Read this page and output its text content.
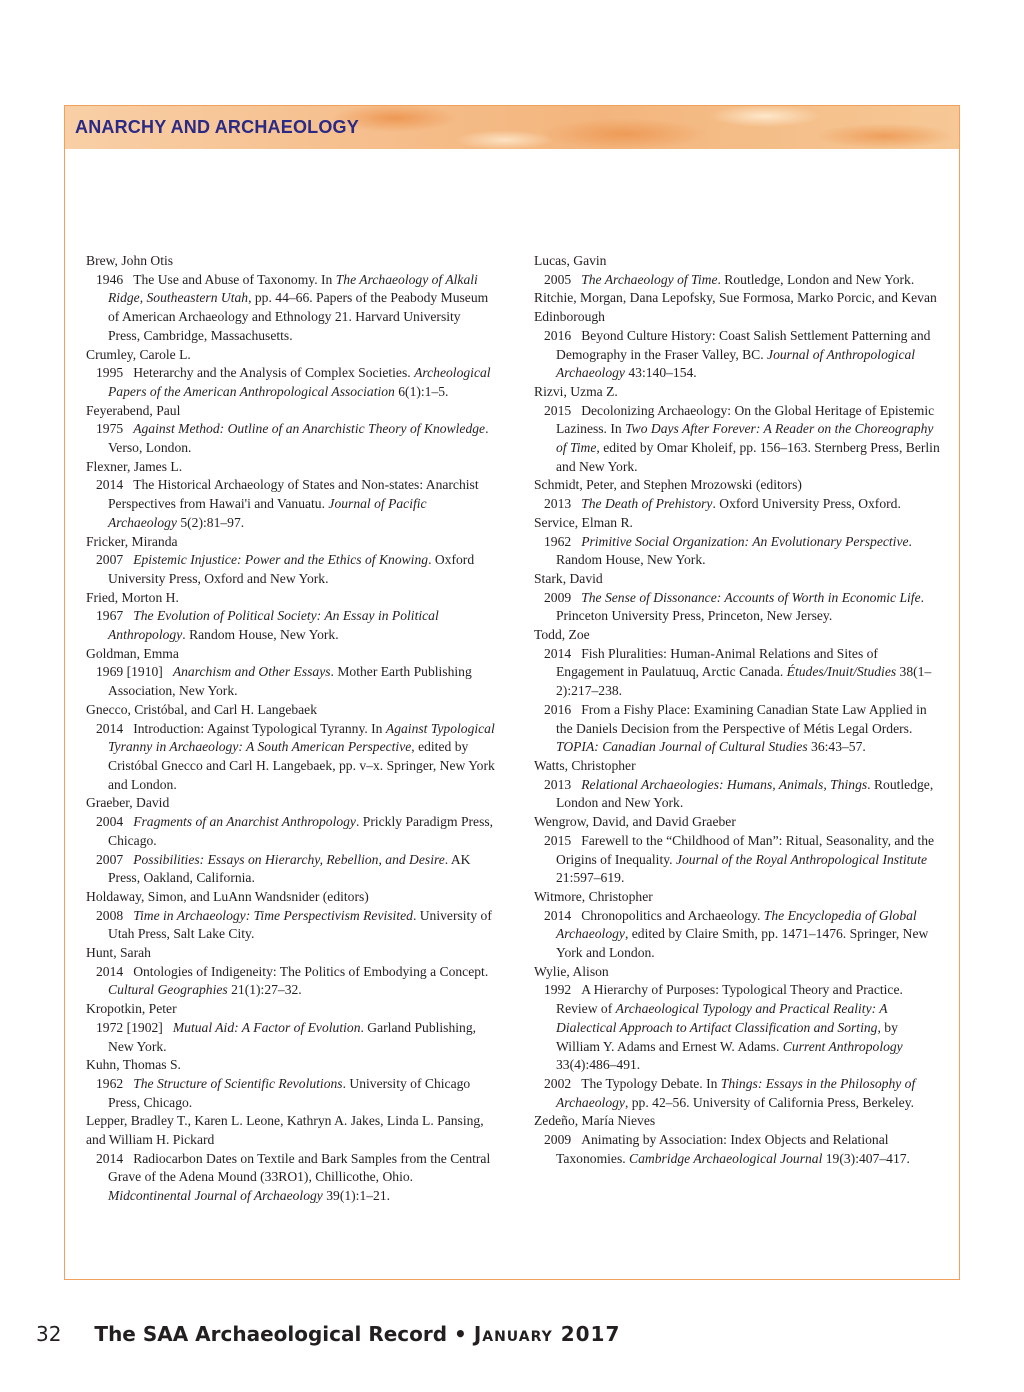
ANARCHY AND ARCHAEOLOGY

Brew, John Otis

1946 The Use and Abuse of Taxonomy. In The Archaeology of Alkali Ridge, Southeastern Utah, pp. 44–66. Papers of the Peabody Museum of American Archaeology and Ethnology 21. Harvard University Press, Cambridge, Massachusetts.

Crumley, Carole L.

1995 Heterarchy and the Analysis of Complex Societies. Archeological Papers of the American Anthropological Association 6(1):1–5.

Feyerabend, Paul

1975 Against Method: Outline of an Anarchistic Theory of Knowledge. Verso, London.

Flexner, James L.

2014 The Historical Archaeology of States and Non-states: Anarchist Perspectives from Hawai'i and Vanuatu. Journal of Pacific Archaeology 5(2):81–97.

Fricker, Miranda

2007 Epistemic Injustice: Power and the Ethics of Knowing. Oxford University Press, Oxford and New York.

Fried, Morton H.

1967 The Evolution of Political Society: An Essay in Political Anthropology. Random House, New York.

Goldman, Emma

1969 [1910] Anarchism and Other Essays. Mother Earth Publishing Association, New York.

Gnecco, Cristóbal, and Carl H. Langebaek

2014 Introduction: Against Typological Tyranny. In Against Typological Tyranny in Archaeology: A South American Perspective, edited by Cristóbal Gnecco and Carl H. Langebaek, pp. v–x. Springer, New York and London.

Graeber, David

2004 Fragments of an Anarchist Anthropology. Prickly Paradigm Press, Chicago.

2007 Possibilities: Essays on Hierarchy, Rebellion, and Desire. AK Press, Oakland, California.

Holdaway, Simon, and LuAnn Wandsnider (editors)

2008 Time in Archaeology: Time Perspectivism Revisited. University of Utah Press, Salt Lake City.

Hunt, Sarah

2014 Ontologies of Indigeneity: The Politics of Embodying a Concept. Cultural Geographies 21(1):27–32.

Kropotkin, Peter

1972 [1902] Mutual Aid: A Factor of Evolution. Garland Publishing, New York.

Kuhn, Thomas S.

1962 The Structure of Scientific Revolutions. University of Chicago Press, Chicago.

Lepper, Bradley T., Karen L. Leone, Kathryn A. Jakes, Linda L. Pansing, and William H. Pickard

2014 Radiocarbon Dates on Textile and Bark Samples from the Central Grave of the Adena Mound (33RO1), Chillicothe, Ohio. Midcontinental Journal of Archaeology 39(1):1–21.

Lucas, Gavin

2005 The Archaeology of Time. Routledge, London and New York.

Ritchie, Morgan, Dana Lepofsky, Sue Formosa, Marko Porcic, and Kevan Edinborough

2016 Beyond Culture History: Coast Salish Settlement Patterning and Demography in the Fraser Valley, BC. Journal of Anthropological Archaeology 43:140–154.

Rizvi, Uzma Z.

2015 Decolonizing Archaeology: On the Global Heritage of Epistemic Laziness. In Two Days After Forever: A Reader on the Choreography of Time, edited by Omar Kholeif, pp. 156–163. Sternberg Press, Berlin and New York.

Schmidt, Peter, and Stephen Mrozowski (editors)

2013 The Death of Prehistory. Oxford University Press, Oxford.

Service, Elman R.

1962 Primitive Social Organization: An Evolutionary Perspective. Random House, New York.

Stark, David

2009 The Sense of Dissonance: Accounts of Worth in Economic Life. Princeton University Press, Princeton, New Jersey.

Todd, Zoe

2014 Fish Pluralities: Human-Animal Relations and Sites of Engagement in Paulatuuq, Arctic Canada. Études/Inuit/Studies 38(1–2):217–238.

2016 From a Fishy Place: Examining Canadian State Law Applied in the Daniels Decision from the Perspective of Métis Legal Orders. TOPIA: Canadian Journal of Cultural Studies 36:43–57.

Watts, Christopher

2013 Relational Archaeologies: Humans, Animals, Things. Routledge, London and New York.

Wengrow, David, and David Graeber

2015 Farewell to the “Childhood of Man”: Ritual, Seasonality, and the Origins of Inequality. Journal of the Royal Anthropological Institute 21:597–619.

Witmore, Christopher

2014 Chronopolitics and Archaeology. The Encyclopedia of Global Archaeology, edited by Claire Smith, pp. 1471–1476. Springer, New York and London.

Wylie, Alison

1992 A Hierarchy of Purposes: Typological Theory and Practice. Review of Archaeological Typology and Practical Reality: A Dialectical Approach to Artifact Classification and Sorting, by William Y. Adams and Ernest W. Adams. Current Anthropology 33(4):486–491.

2002 The Typology Debate. In Things: Essays in the Philosophy of Archaeology, pp. 42–56. University of California Press, Berkeley.

Zedeño, María Nieves

2009 Animating by Association: Index Objects and Relational Taxonomies. Cambridge Archaeological Journal 19(3):407–417.

32 The SAA Archaeological Record • January 2017
